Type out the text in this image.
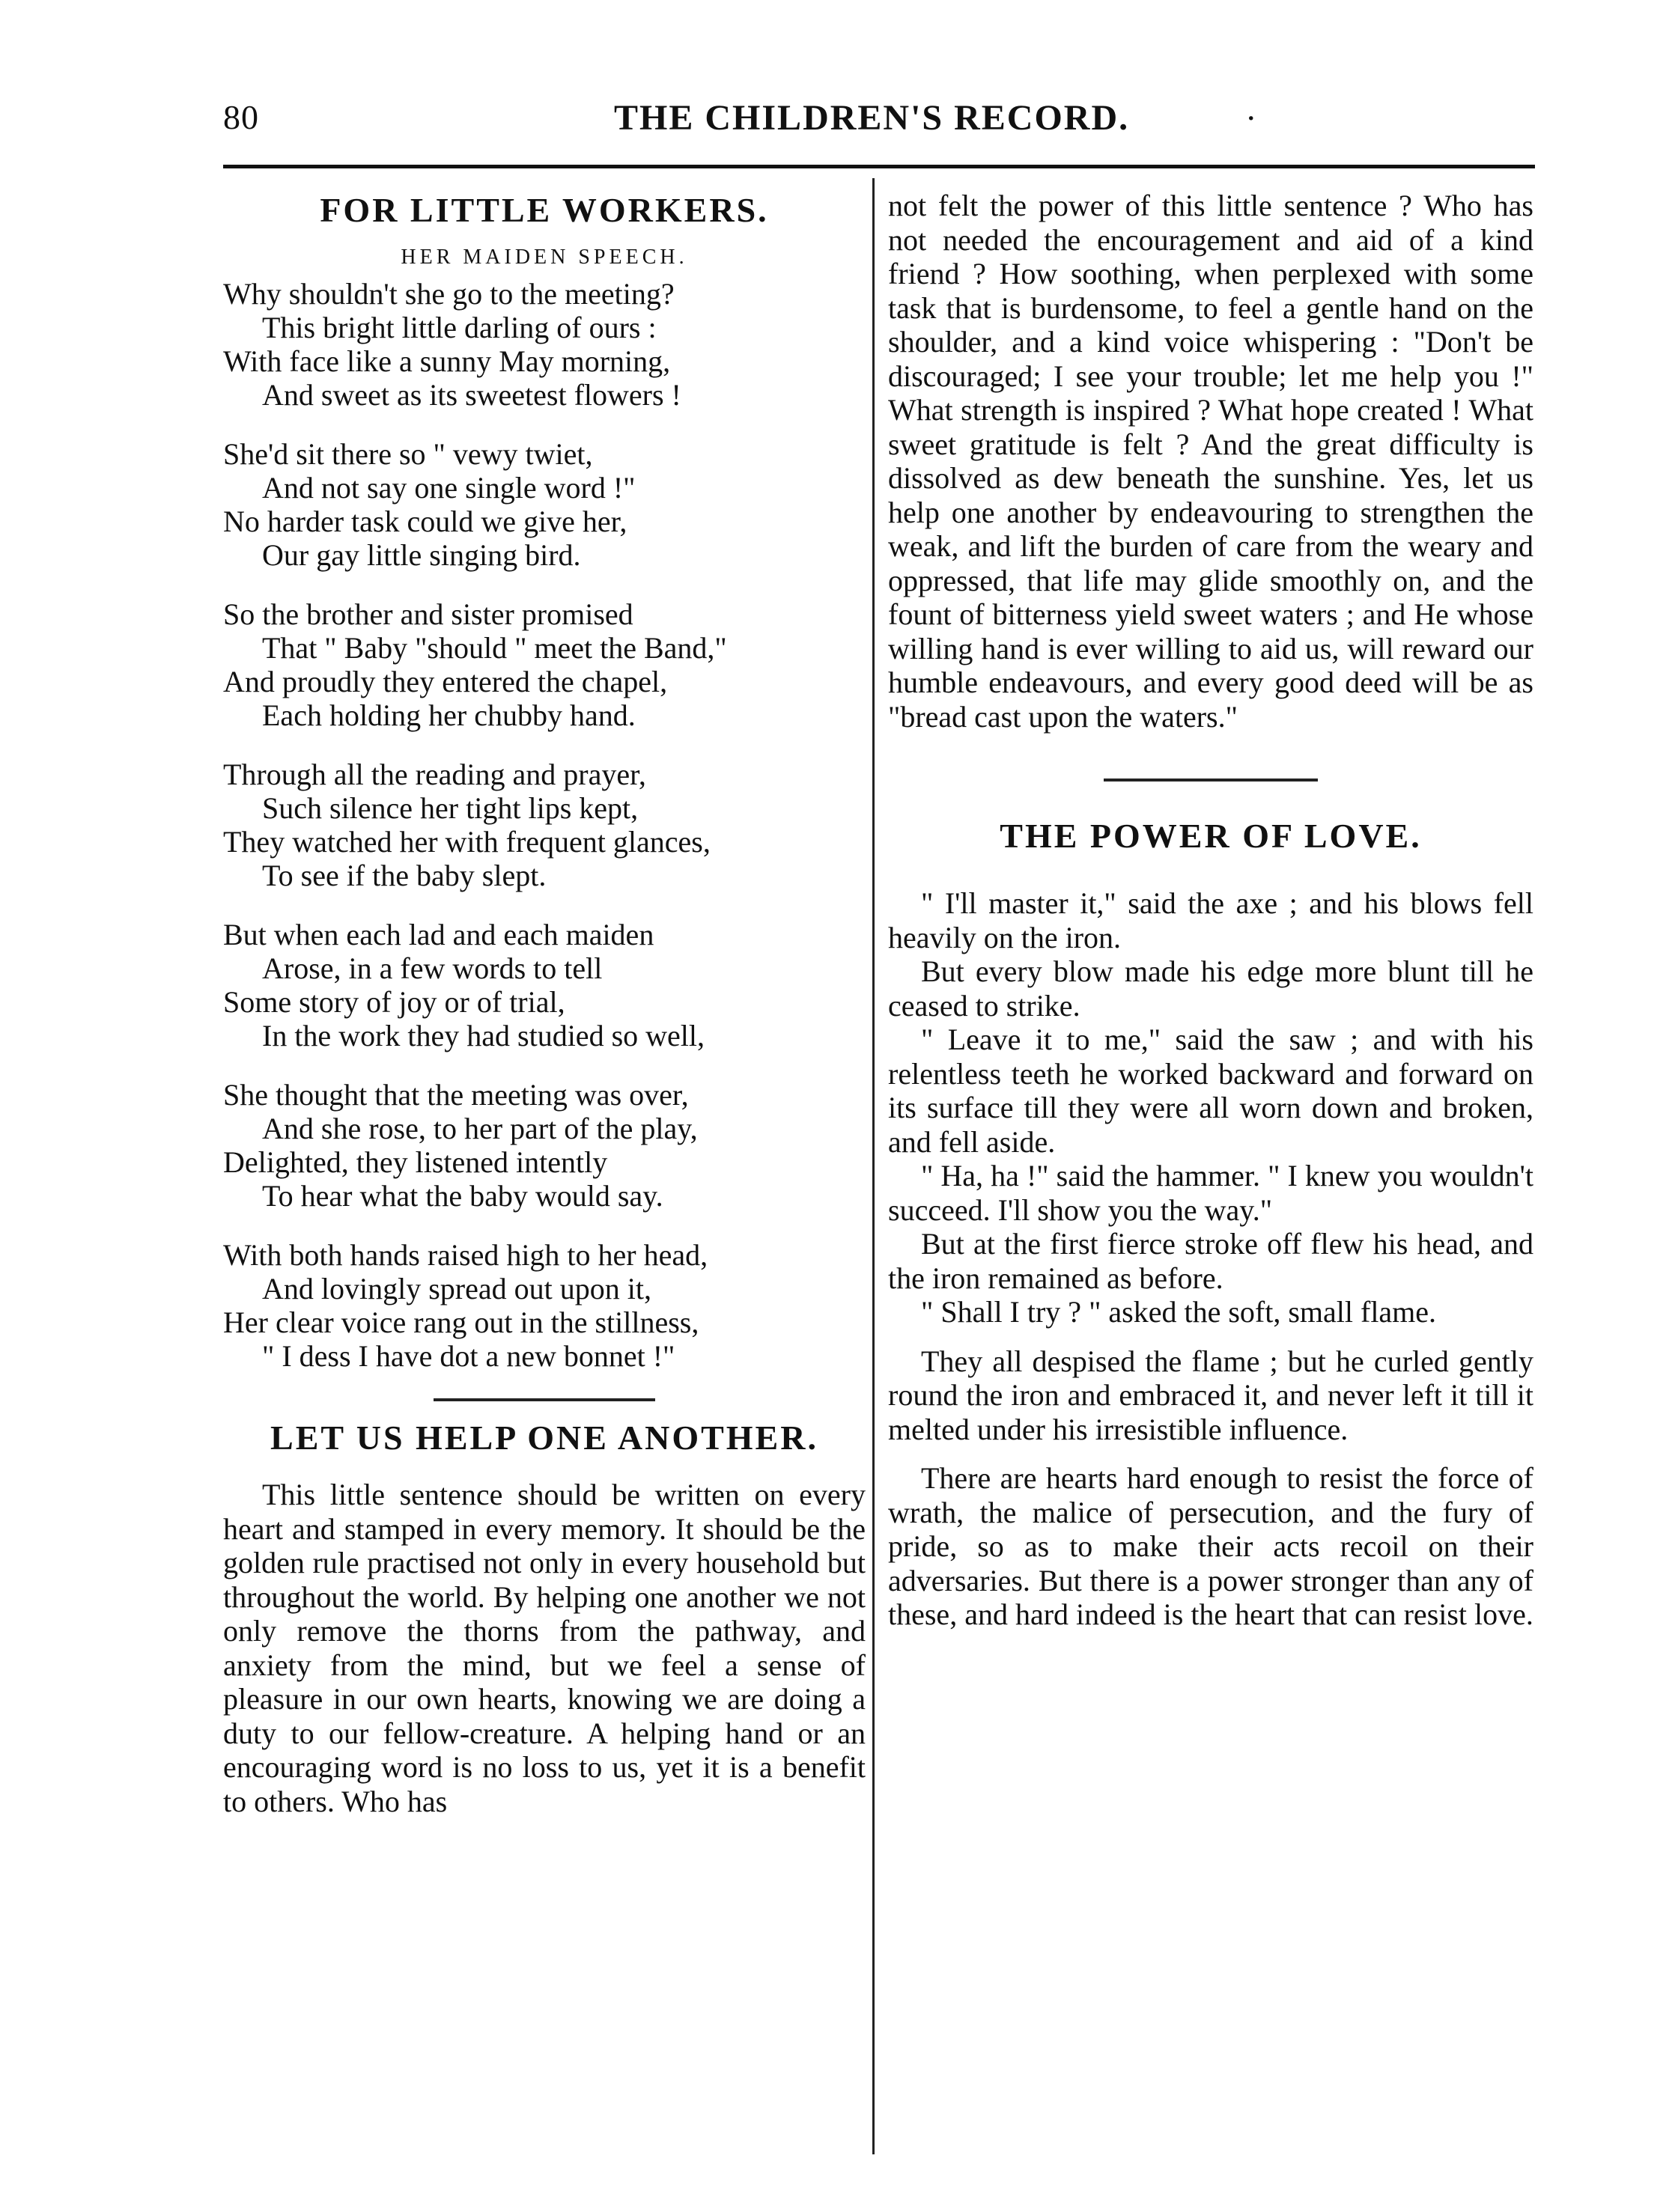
80	THE CHILDREN'S RECORD.	.
FOR LITTLE WORKERS.
HER MAIDEN SPEECH.
Why shouldn't she go to the meeting?
This bright little darling of ours :
With face like a sunny May morning,
And sweet as its sweetest flowers !
She'd sit there so " vewy twiet,
And not say one single word !"
No harder task could we give her,
Our gay little singing bird.
So the brother and sister promised
That " Baby "should " meet the Band,"
And proudly they entered the chapel,
Each holding her chubby hand.
Through all the reading and prayer,
Such silence her tight lips kept,
They watched her with frequent glances,
To see if the baby slept.
But when each lad and each maiden
Arose, in a few words to tell
Some story of joy or of trial,
In the work they had studied so well,
She thought that the meeting was over,
And she rose, to her part of the play,
Delighted, they listened intently
To hear what the baby would say.
With both hands raised high to her head,
And lovingly spread out upon it,
Her clear voice rang out in the stillness,
" I dess I have dot a new bonnet !"
LET US HELP ONE ANOTHER.

This little sentence should be written on every heart and stamped in every memory. It should be the golden rule practised not only in every household but throughout the world. By helping one another we not only remove the thorns from the pathway, and anxiety from the mind, but we feel a sense of pleasure in our own hearts, knowing we are doing a duty to our fellow-creature. A helping hand or an encouraging word is no loss to us, yet it is a benefit to others. Who has

not felt the power of this little sentence ? Who has not needed the encouragement and aid of a kind friend ? How soothing, when perplexed with some task that is burdensome, to feel a gentle hand on the shoulder, and a kind voice whispering : "Don't be discouraged; I see your trouble; let me help you !" What strength is inspired ? What hope created ! What sweet gratitude is felt ? And the great difficulty is dissolved as dew beneath the sunshine. Yes, let us help one another by endeavouring to strengthen the weak, and lift the burden of care from the weary and oppressed, that life may glide smoothly on, and the fount of bitterness yield sweet waters ; and He whose willing hand is ever willing to aid us, will reward our humble endeavours, and every good deed will be as "bread cast upon the waters."

THE POWER OF LOVE.

" I'll master it," said the axe ; and his blows fell heavily on the iron.

But every blow made his edge more blunt till he ceased to strike.

" Leave it to me," said the saw ; and with his relentless teeth he worked backward and forward on its surface till they were all worn down and broken, and fell aside.

" Ha, ha !" said the hammer. " I knew you wouldn't succeed. I'll show you the way."

But at the first fierce stroke off flew his head, and the iron remained as before.

" Shall I try ? " asked the soft, small flame.

They all despised the flame ; but he curled gently round the iron and embraced it, and never left it till it melted under his irresistible influence.

There are hearts hard enough to resist the force of wrath, the malice of persecution, and the fury of pride, so as to make their acts recoil on their adversaries. But there is a power stronger than any of these, and hard indeed is the heart that can resist love.
